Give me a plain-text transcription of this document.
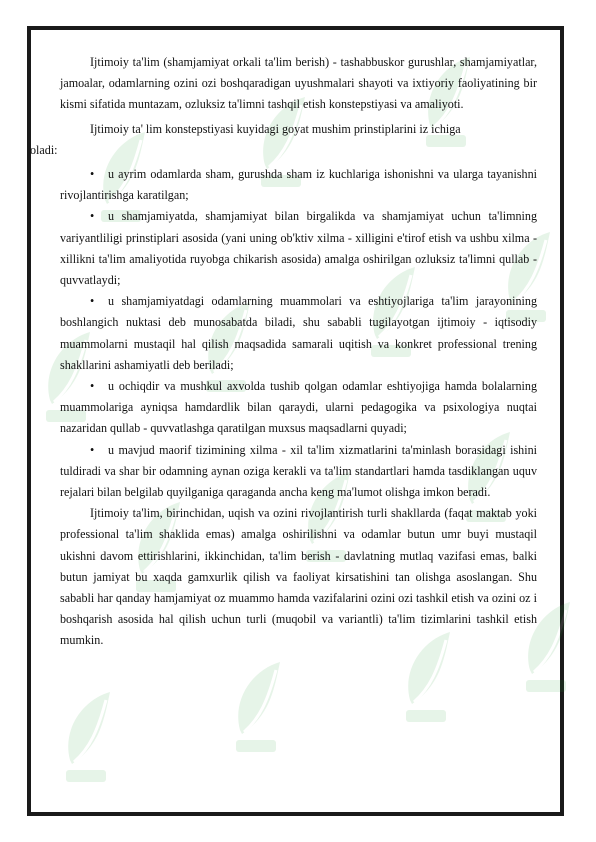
Ijtimoiy ta'lim (shamjamiyat orkali ta'lim berish) - tashabbuskor gurushlar, shamjamiyatlar, jamoalar, odamlarning ozini ozi boshqaradigan uyushmalari shayoti va ixtiyoriy faoliyatining bir kismi sifatida muntazam, ozluksiz ta'limni tashqil etish konstepstiyasi va amaliyoti.

Ijtimoiy ta' lim konstepstiyasi kuyidagi goyat mushim prinstiplarini iz ichiga
oladi:

• u ayrim odamlarda sham, gurushda sham iz kuchlariga ishonishni va ularga tayanishni rivojlantirishga karatilgan;

• u shamjamiyatda, shamjamiyat bilan birgalikda va shamjamiyat uchun ta'limning variyantliligi prinstiplari asosida (yani uning ob'ktiv xilma - xilligini e'tirof etish va ushbu xilma - xillikni ta'lim amaliyotida ruyobga chikarish asosida) amalga oshirilgan ozluksiz ta'limni qullab - quvvatlaydi;

• u shamjamiyatdagi odamlarning muammolari va eshtiyojlariga ta'lim jarayonining boshlangich nuktasi deb munosabatda biladi, shu sababli tugilayotgan ijtimoiy - iqtisodiy muammolarni mustaqil hal qilish maqsadida samarali uqitish va konkret professional trening shakllarini ashamiyatli deb beriladi;

• u ochiqdir va mushkul axvolda tushib qolgan odamlar eshtiyojiga hamda bolalarning muammolariga ayniqsa hamdardlik bilan qaraydi, ularni pedagogika va psixologiya nuqtai nazaridan qullab - quvvatlashga qaratilgan muxsus maqsadlarni quyadi;

• u mavjud maorif tizimining xilma - xil ta'lim xizmatlarini ta'minlash borasidagi ishini tuldiradi va shar bir odamning aynan oziga kerakli va ta'lim standartlari hamda tasdiklangan uquv rejalari bilan belgilab quyilganiga qaraganda ancha keng ma'lumot olishga imkon beradi.

Ijtimoiy ta'lim, birinchidan, uqish va ozini rivojlantirish turli shakllarda (faqat maktab yoki professional ta'lim shaklida emas) amalga oshirilishni va odamlar butun umr buyi mustaqil ukishni davom ettirishlarini, ikkinchidan, ta'lim berish - davlatning mutlaq vazifasi emas, balki butun jamiyat bu xaqda gamxurlik qilish va faoliyat kirsatishini tan olishga asoslangan. Shu sababli har qanday hamjamiyat oz muammo hamda vazifalarini ozini ozi tashkil etish va ozini oz i boshqarish asosida hal qilish uchun turli (muqobil va variantli) ta'lim tizimlarini tashkil etish mumkin.
